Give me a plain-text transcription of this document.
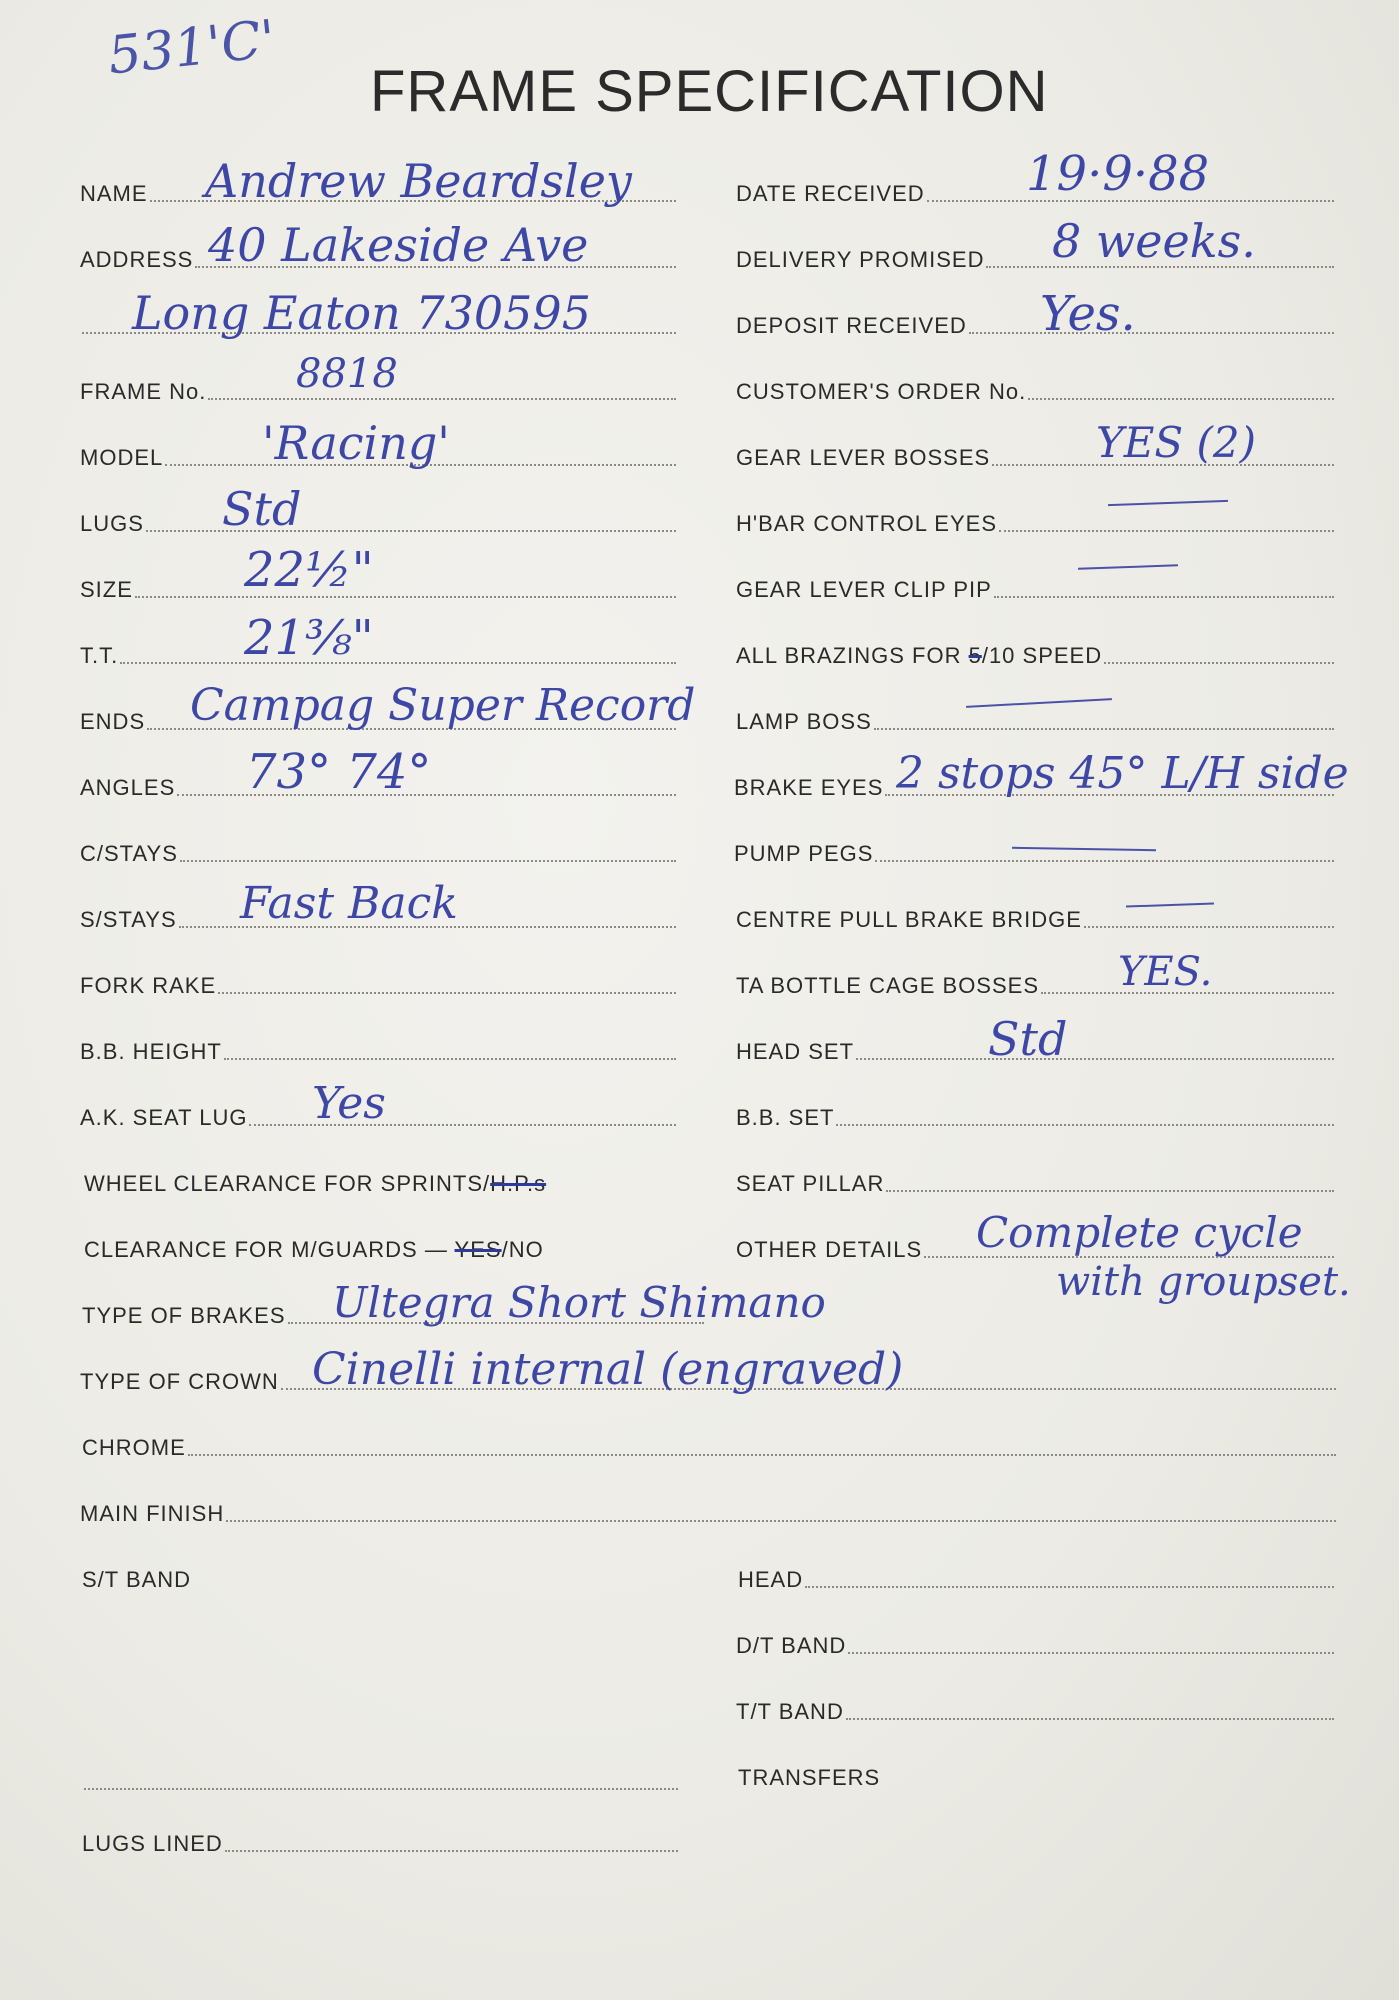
531'C'
FRAME SPECIFICATION
NAME Andrew Beardsley
ADDRESS 40 Lakeside Ave
Long Eaton 730595
FRAME No. 8818
MODEL 'Racing'
LUGS Std
SIZE 22½"
T.T.	21⅜"
ENDS Campag Super Record
ANGLES 73° 74°
C/STAYS
S/STAYS Fast Back
FORK RAKE
B.B. HEIGHT
A.K. SEAT LUG Yes
WHEEL CLEARANCE FOR SPRINTS/H.P.s
CLEARANCE FOR M/GUARDS — YES/NO
TYPE OF BRAKES Ultegra Short Shimano
TYPE OF CROWN Cinelli internal (engraved)
CHROME
MAIN FINISH
S/T BAND
LUGS LINED
DATE RECEIVED 19·9·88
DELIVERY PROMISED 8 weeks.
DEPOSIT RECEIVED Yes.
CUSTOMER'S ORDER No.
GEAR LEVER BOSSES	YES (2)
H'BAR CONTROL EYES
GEAR LEVER CLIP PIP
ALL BRAZINGS FOR 5/10 SPEED
LAMP BOSS
BRAKE EYES 2 stops 45° L/H side
PUMP PEGS
CENTRE PULL BRAKE BRIDGE
TA BOTTLE CAGE BOSSES YES.
HEAD SET	Std
B.B. SET
SEAT PILLAR
OTHER DETAILS Complete cycle
with groupset.
HEAD
D/T BAND
T/T BAND
TRANSFERS
